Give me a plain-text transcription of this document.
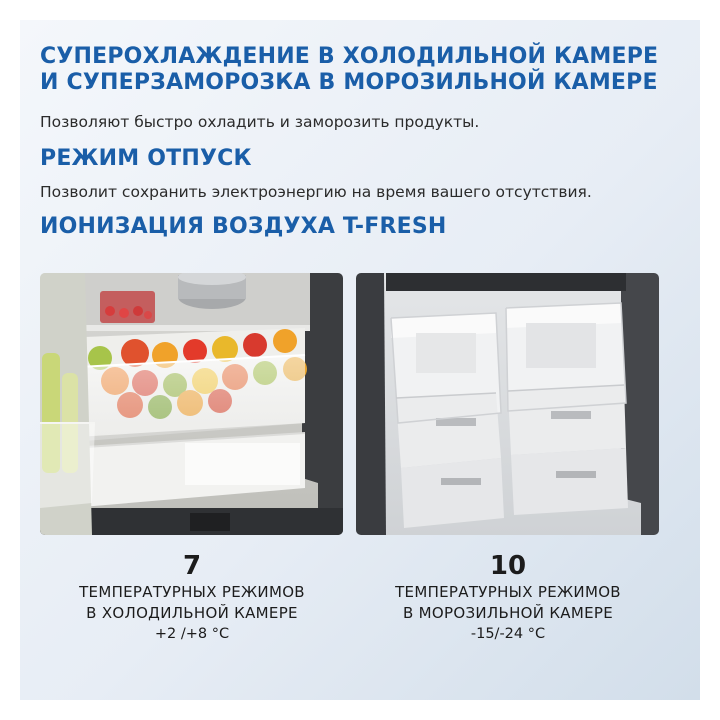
СУПЕРОХЛАЖДЕНИЕ В ХОЛОДИЛЬНОЙ КАМЕРЕ
И СУПЕРЗАМОРОЗКА В МОРОЗИЛЬНОЙ КАМЕРЕ
Позволяют быстро охладить и заморозить продукты.
РЕЖИМ ОТПУСК
Позволит сохранить электроэнергию на время вашего отсутствия.
ИОНИЗАЦИЯ ВОЗДУХА T-FRESH
7
ТЕМПЕРАТУРНЫХ РЕЖИМОВ
В ХОЛОДИЛЬНОЙ КАМЕРЕ
+2 /+8 °С
10
ТЕМПЕРАТУРНЫХ РЕЖИМОВ
В МОРОЗИЛЬНОЙ КАМЕРЕ
-15/-24 °С
